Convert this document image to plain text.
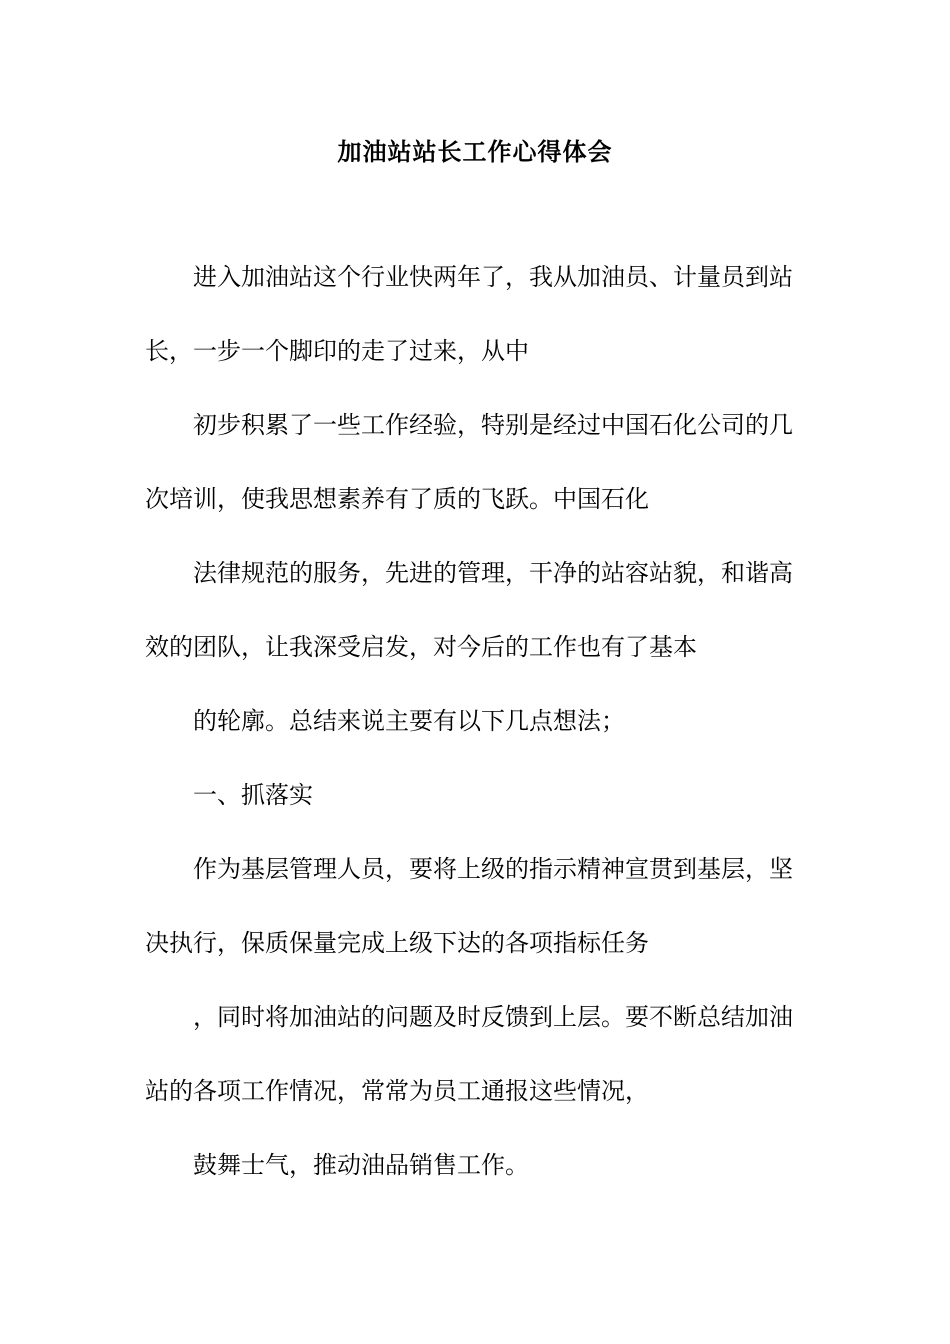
加油站站长工作心得体会
进入加油站这个行业快两年了，我从加油员、计量员到站
长，一步一个脚印的走了过来，从中
初步积累了一些工作经验，特别是经过中国石化公司的几
次培训，使我思想素养有了质的飞跃。中国石化
法律规范的服务，先进的管理，干净的站容站貌，和谐高
效的团队，让我深受启发，对今后的工作也有了基本
的轮廓。总结来说主要有以下几点想法；
一、抓落实
作为基层管理人员，要将上级的指示精神宣贯到基层，坚
决执行，保质保量完成上级下达的各项指标任务
，同时将加油站的问题及时反馈到上层。要不断总结加油
站的各项工作情况，常常为员工通报这些情况，
鼓舞士气，推动油品销售工作。
